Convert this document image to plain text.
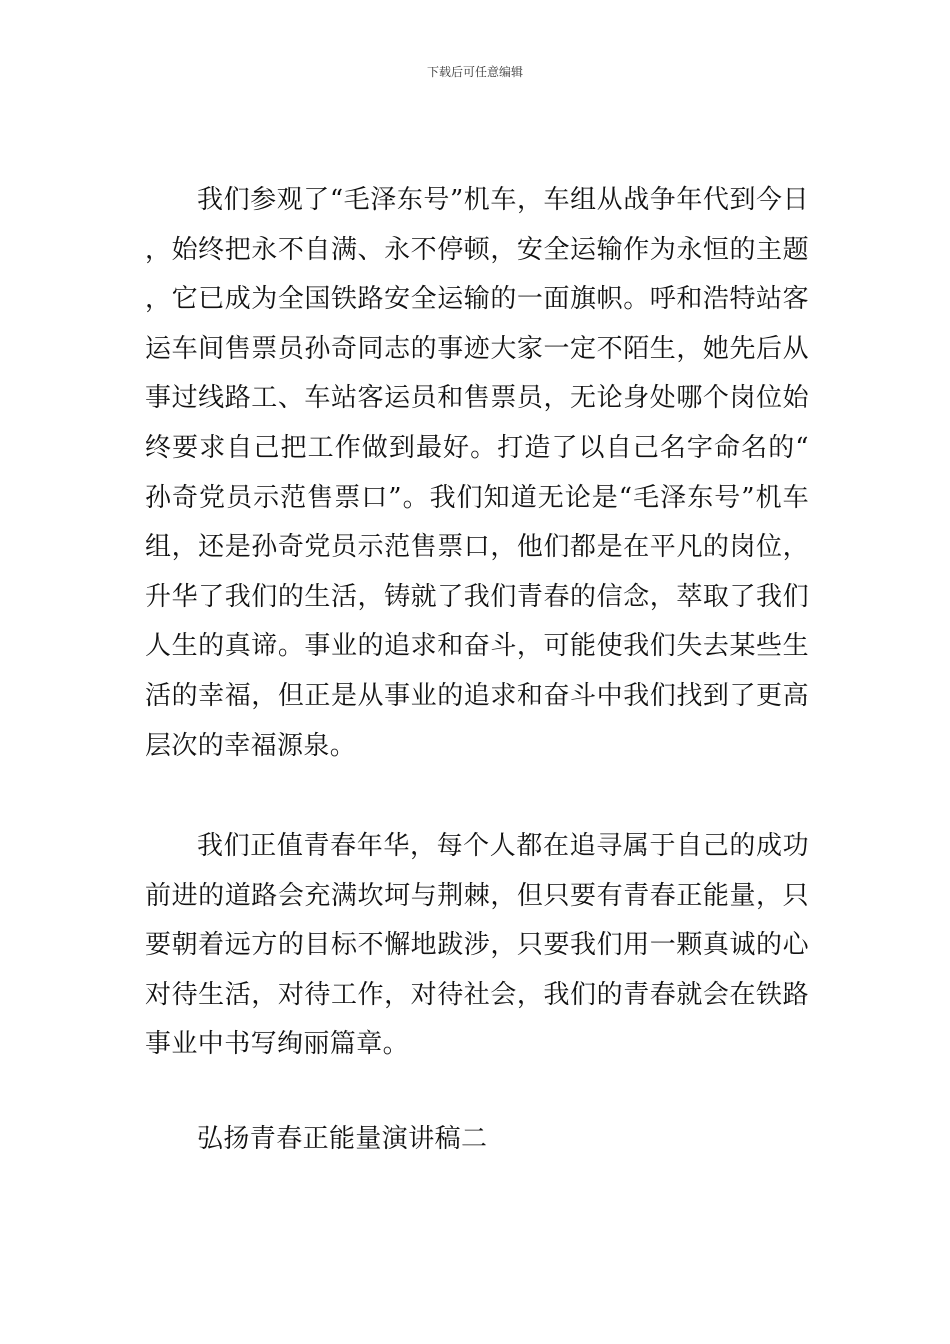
下载后可任意编辑

我们参观了“毛泽东号”机车，车组从战争年代到今日，始终把永不自满、永不停顿，安全运输作为永恒的主题，它已成为全国铁路安全运输的一面旗帜。呼和浩特站客运车间售票员孙奇同志的事迹大家一定不陌生，她先后从事过线路工、车站客运员和售票员，无论身处哪个岗位始终要求自己把工作做到最好。打造了以自己名字命名的“孙奇党员示范售票口”。我们知道无论是“毛泽东号”机车组，还是孙奇党员示范售票口，他们都是在平凡的岗位，升华了我们的生活，铸就了我们青春的信念，萃取了我们人生的真谛。事业的追求和奋斗，可能使我们失去某些生活的幸福，但正是从事业的追求和奋斗中我们找到了更高层次的幸福源泉。

我们正值青春年华，每个人都在追寻属于自己的成功前进的道路会充满坎坷与荆棘，但只要有青春正能量，只要朝着远方的目标不懈地跋涉，只要我们用一颗真诚的心对待生活，对待工作，对待社会，我们的青春就会在铁路事业中书写绚丽篇章。

弘扬青春正能量演讲稿二
